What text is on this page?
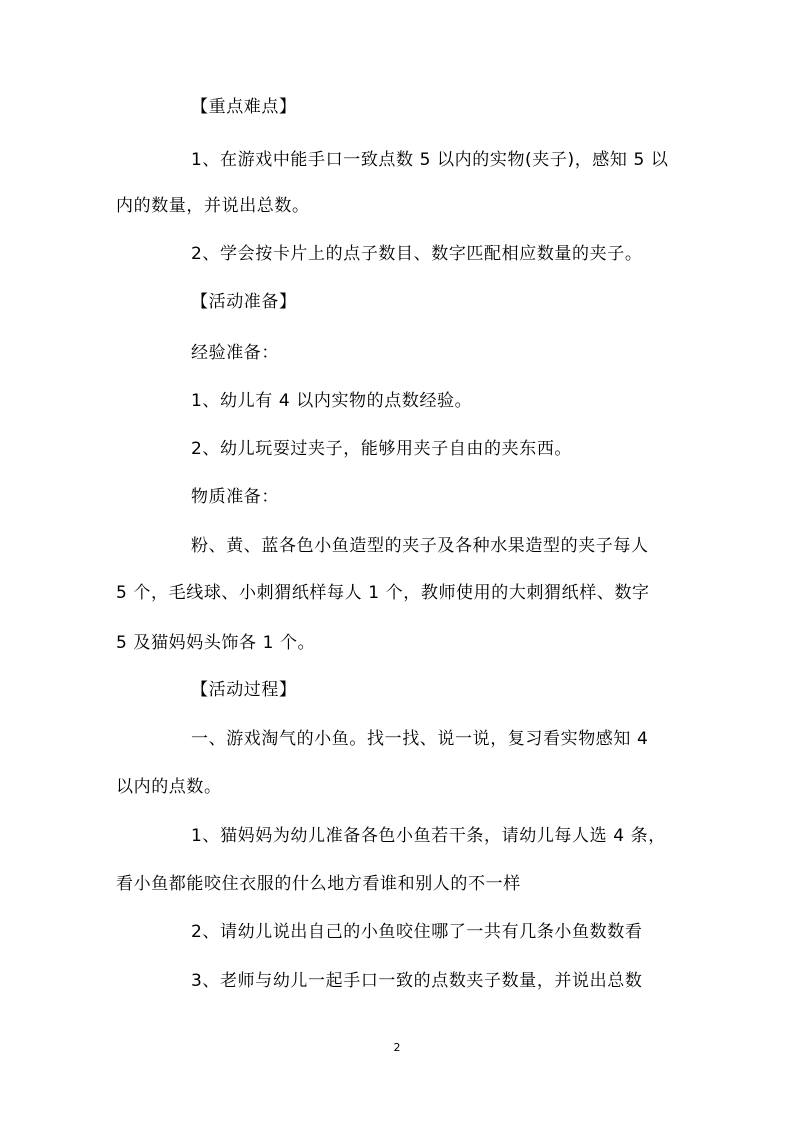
【重点难点】
1、在游戏中能手口一致点数 5 以内的实物(夹子)，感知 5 以
内的数量，并说出总数。
2、学会按卡片上的点子数目、数字匹配相应数量的夹子。
【活动准备】
经验准备：
1、幼儿有 4 以内实物的点数经验。
2、幼儿玩耍过夹子，能够用夹子自由的夹东西。
物质准备：
粉、黄、蓝各色小鱼造型的夹子及各种水果造型的夹子每人
5 个，毛线球、小刺猬纸样每人 1 个，教师使用的大刺猬纸样、数字
5 及猫妈妈头饰各 1 个。
【活动过程】
一、游戏淘气的小鱼。找一找、说一说，复习看实物感知 4
以内的点数。
1、猫妈妈为幼儿准备各色小鱼若干条，请幼儿每人选 4 条，
看小鱼都能咬住衣服的什么地方看谁和别人的不一样
2、请幼儿说出自己的小鱼咬住哪了一共有几条小鱼数数看
3、老师与幼儿一起手口一致的点数夹子数量，并说出总数
2
